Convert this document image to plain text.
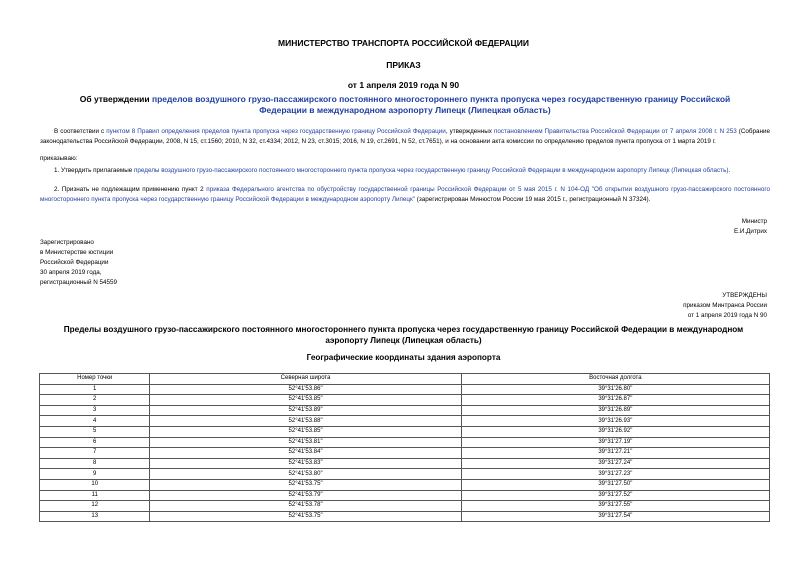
МИНИСТЕРСТВО ТРАНСПОРТА РОССИЙСКОЙ ФЕДЕРАЦИИ
ПРИКАЗ
от 1 апреля 2019 года N 90
Об утверждении пределов воздушного грузо-пассажирского постоянного многостороннего пункта пропуска через государственную границу Российской Федерации в международном аэропорту Липецк (Липецкая область)
В соответствии с пунктом 8 Правил определения пределов пункта пропуска через государственную границу Российской Федерации, утвержденных постановлением Правительства Российской Федерации от 7 апреля 2008 г. N 253 (Собрание законодательства Российской Федерации, 2008, N 15, ст.1560; 2010, N 32, ст.4334; 2012, N 23, ст.3015; 2016, N 19, ст.2691, N 52, ст.7651), и на основании акта комиссии по определению пределов пункта пропуска от 1 марта 2019 г.
приказываю:
1. Утвердить прилагаемые пределы воздушного грузо-пассажирского постоянного многостороннего пункта пропуска через государственную границу Российской Федерации в международном аэропорту Липецк (Липецкая область).
2. Признать не подлежащим применению пункт 2 приказа Федерального агентства по обустройству государственной границы Российской Федерации от 5 мая 2015 г. N 104-ОД "Об открытии воздушного грузо-пассажирского постоянного многостороннего пункта пропуска через государственную границу Российской Федерации в международном аэропорту Липецк" (зарегистрирован Минюстом России 19 мая 2015 г., регистрационный N 37324).
Министр
Е.И.Дитрих
Зарегистрировано
в Министерстве юстиции
Российской Федерации
30 апреля 2019 года,
регистрационный N 54559
УТВЕРЖДЕНЫ
приказом Минтранса России
от 1 апреля 2019 года N 90
Пределы воздушного грузо-пассажирского постоянного многостороннего пункта пропуска через государственную границу Российской Федерации в международном аэропорту Липецк (Липецкая область)
Географические координаты здания аэропорта
Номер точки	Северная широта	Восточная долгота
1	52°41'53.86"	39°31'26.80"
2	52°41'53.85"	39°31'26.87"
3	52°41'53.89"	39°31'26.89"
4	52°41'53.88"	39°31'26.93"
5	52°41'53.85"	39°31'26.92"
6	52°41'53.81"	39°31'27.19"
7	52°41'53.84"	39°31'27.21"
8	52°41'53.83"	39°31'27.24"
9	52°41'53.80"	39°31'27.23"
10	52°41'53.75"	39°31'27.50"
11	52°41'53.79"	39°31'27.52"
12	52°41'53.78"	39°31'27.55"
13	52°41'53.75"	39°31'27.54"
